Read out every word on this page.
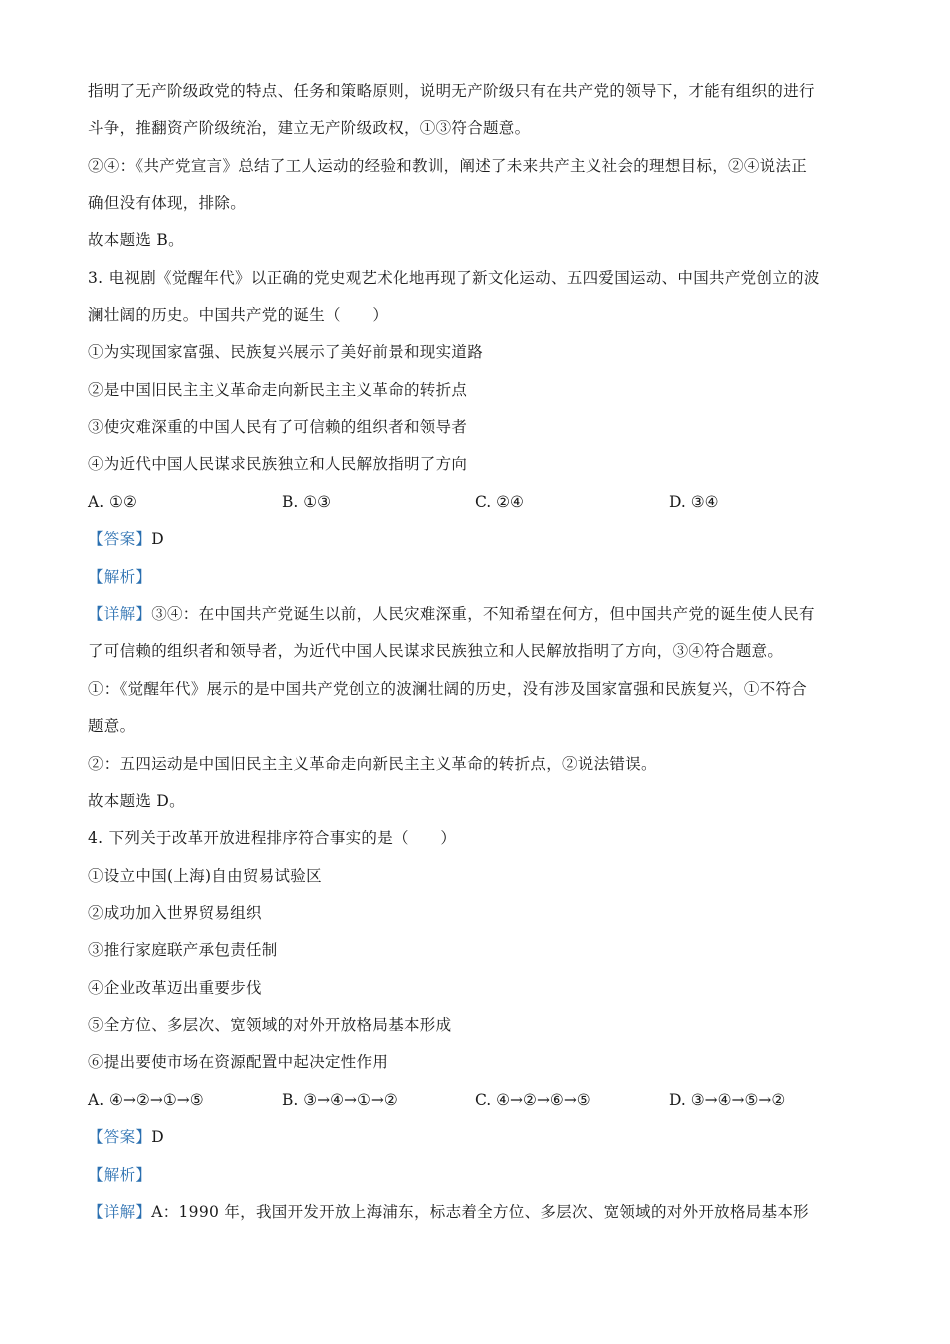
指明了无产阶级政党的特点、任务和策略原则，说明无产阶级只有在共产党的领导下，才能有组织的进行
斗争，推翻资产阶级统治，建立无产阶级政权，①③符合题意。
②④：《共产党宣言》总结了工人运动的经验和教训，阐述了未来共产主义社会的理想目标，②④说法正
确但没有体现，排除。
故本题选 B。
3. 电视剧《觉醒年代》以正确的党史观艺术化地再现了新文化运动、五四爱国运动、中国共产党创立的波
澜壮阔的历史。中国共产党的诞生（　　）
①为实现国家富强、民族复兴展示了美好前景和现实道路
②是中国旧民主主义革命走向新民主主义革命的转折点
③使灾难深重的中国人民有了可信赖的组织者和领导者
④为近代中国人民谋求民族独立和人民解放指明了方向
A. ①②	B. ①③	C. ②④	D. ③④
【答案】D
【解析】
【详解】③④：在中国共产党诞生以前，人民灾难深重，不知希望在何方，但中国共产党的诞生使人民有
了可信赖的组织者和领导者，为近代中国人民谋求民族独立和人民解放指明了方向，③④符合题意。
①：《觉醒年代》展示的是中国共产党创立的波澜壮阔的历史，没有涉及国家富强和民族复兴，①不符合
题意。
②：五四运动是中国旧民主主义革命走向新民主主义革命的转折点，②说法错误。
故本题选 D。
4. 下列关于改革开放进程排序符合事实的是（　　）
①设立中国(上海)自由贸易试验区
②成功加入世界贸易组织
③推行家庭联产承包责任制
④企业改革迈出重要步伐
⑤全方位、多层次、宽领域的对外开放格局基本形成
⑥提出要使市场在资源配置中起决定性作用
A. ④→②→①→⑤	B. ③→④→①→②	C. ④→②→⑥→⑤	D. ③→④→⑤→②
【答案】D
【解析】
【详解】A：1990 年，我国开发开放上海浦东，标志着全方位、多层次、宽领域的对外开放格局基本形
